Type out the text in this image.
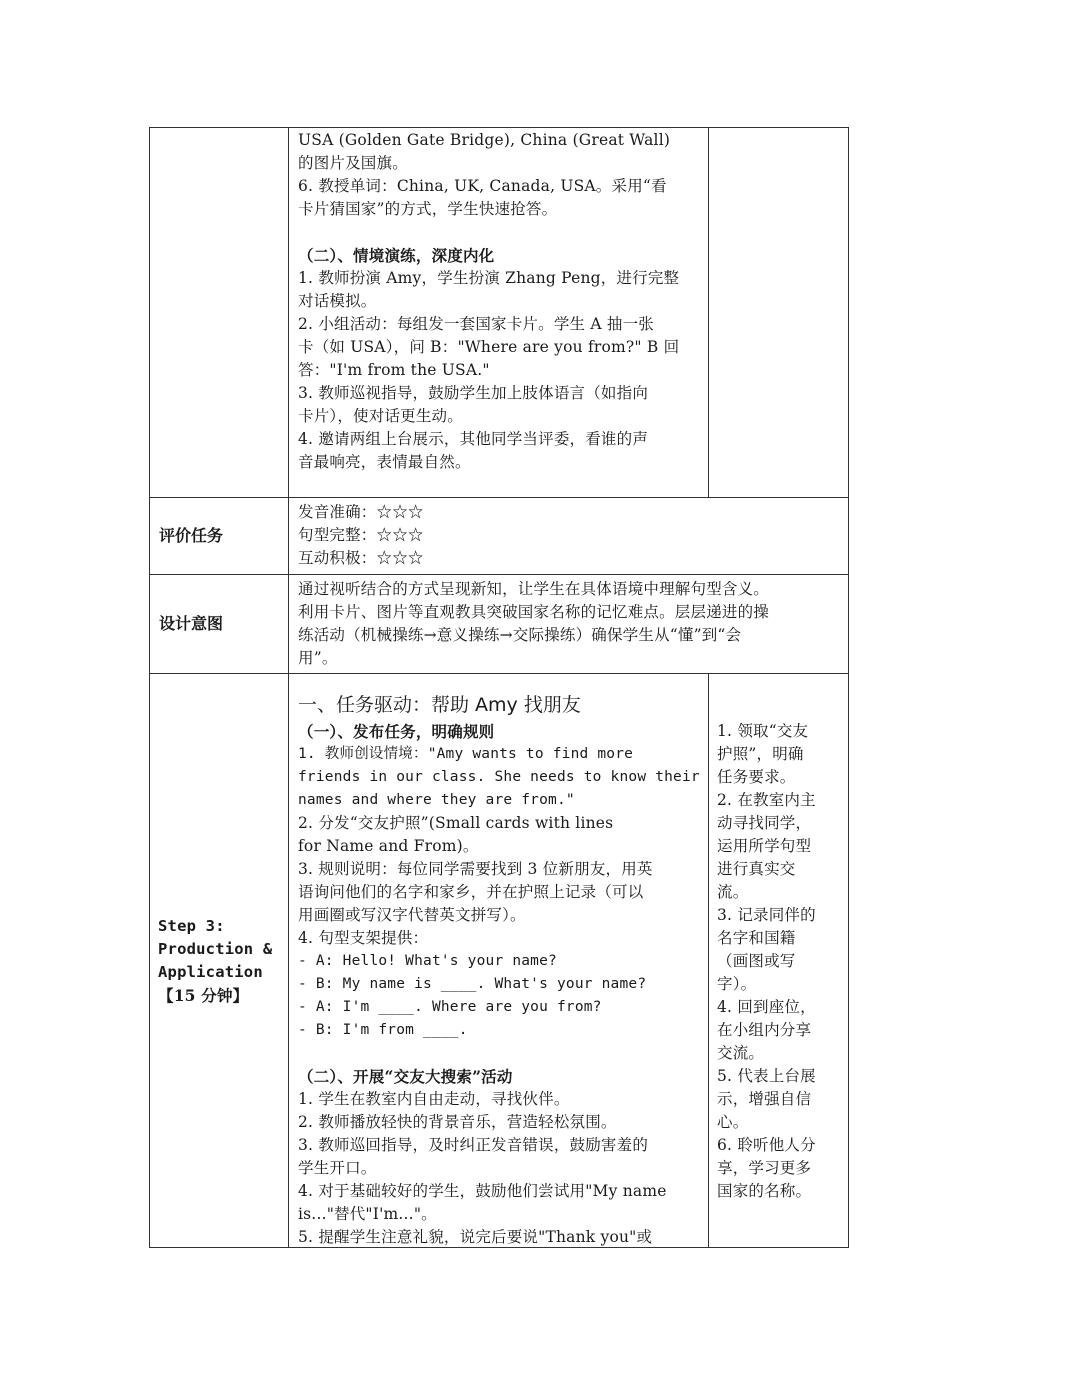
USA (Golden Gate Bridge), China (Great Wall)
的图片及国旗。
6. 教授单词：China, UK, Canada, USA。采用“看
卡片猜国家”的方式，学生快速抢答。
（二）、情境演练，深度内化
1. 教师扮演 Amy，学生扮演 Zhang Peng，进行完整
对话模拟。
2. 小组活动：每组发一套国家卡片。学生 A 抽一张
卡（如 USA），问 B："Where are you from?" B 回
答："I'm from the USA."
3. 教师巡视指导，鼓励学生加上肢体语言（如指向
卡片），使对话更生动。
4. 邀请两组上台展示，其他同学当评委，看谁的声
音最响亮，表情最自然。
评价任务
发音准确：☆☆☆
句型完整：☆☆☆
互动积极：☆☆☆
设计意图
通过视听结合的方式呈现新知，让学生在具体语境中理解句型含义。
利用卡片、图片等直观教具突破国家名称的记忆难点。层层递进的操
练活动（机械操练→意义操练→交际操练）确保学生从“懂”到“会
用”。
Step 3:
Production &
Application
【15 分钟】
一、任务驱动：帮助 Amy 找朋友
（一）、发布任务，明确规则
1. 教师创设情境："Amy wants to find more
friends in our class. She needs to know their
names and where they are from."
2. 分发“交友护照”(Small cards with lines
for Name and From)。
3. 规则说明：每位同学需要找到 3 位新朋友，用英
语询问他们的名字和家乡，并在护照上记录（可以
用画圈或写汉字代替英文拼写）。
4. 句型支架提供：
- A: Hello! What's your name?
- B: My name is ____. What's your name?
- A: I'm ____. Where are you from?
- B: I'm from ____.
（二）、开展“交友大搜索”活动
1. 学生在教室内自由走动，寻找伙伴。
2. 教师播放轻快的背景音乐，营造轻松氛围。
3. 教师巡回指导，及时纠正发音错误，鼓励害羞的
学生开口。
4. 对于基础较好的学生，鼓励他们尝试用"My name
is..."替代"I'm..."。
5. 提醒学生注意礼貌，说完后要说"Thank you"或
1. 领取“交友
护照”，明确
任务要求。
2. 在教室内主
动寻找同学，
运用所学句型
进行真实交
流。
3. 记录同伴的
名字和国籍
（画图或写
字）。
4. 回到座位，
在小组内分享
交流。
5. 代表上台展
示，增强自信
心。
6. 聆听他人分
享，学习更多
国家的名称。
